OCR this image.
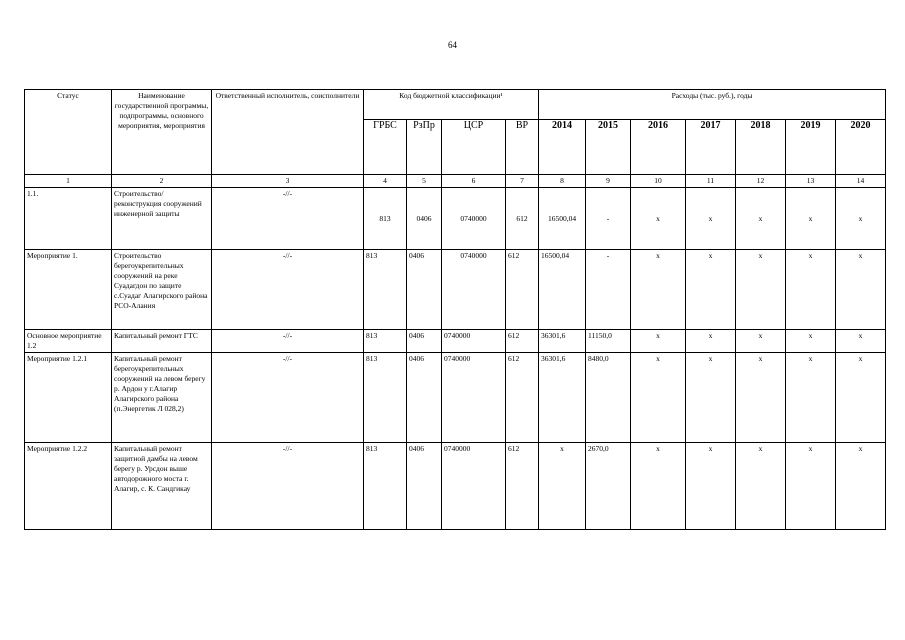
64
Статус	Наименование государственной программы, подпрограммы, основного мероприятия, мероприятия	Ответственный исполнитель, соисполнители	Код бюджетной классификации¹				Расходы (тыс. руб.), годы						
			ГРБС	РзПр	ЦСР	ВР	2014	2015	2016	2017	2018	2019	2020
1	2	3	4	5	6	7	8	9	10	11	12	13	14
1.1.	Строительство/ реконструкция сооружений инженерной защиты	-//-	813	0406	0740000	612	16500,04	-	x	x	x	x	x
Мероприятие 1.	Строительство берегоукрепительных сооружений на реке Суадагдон по защите с.Суадаг Алагирского района РСО-Алания	-//-	813	0406	0740000	612	16500,04	-	x	x	x	x	x
Основное мероприятие 1.2	Капитальный ремонт ГТС	-//-	813	0406	0740000	612	36301,6	11150,0	x	x	x	x	x
Мероприятие 1.2.1	Капитальный ремонт берегоукрепительных сооружений на левом берегу р. Ардон у г.Алагир Алагирского района (п.Энергетик Л 028,2)	-//-	813	0406	0740000	612	36301,6	8480,0	x	x	x	x	x
Мероприятие 1.2.2	Капитальный ремонт защитной дамбы на левом берегу р. Урсдон выше автодорожного моста г. Алагир, с. К. Сандгикау	-//-	813	0406	0740000	612	x	2670,0	x	x	x	x	x
